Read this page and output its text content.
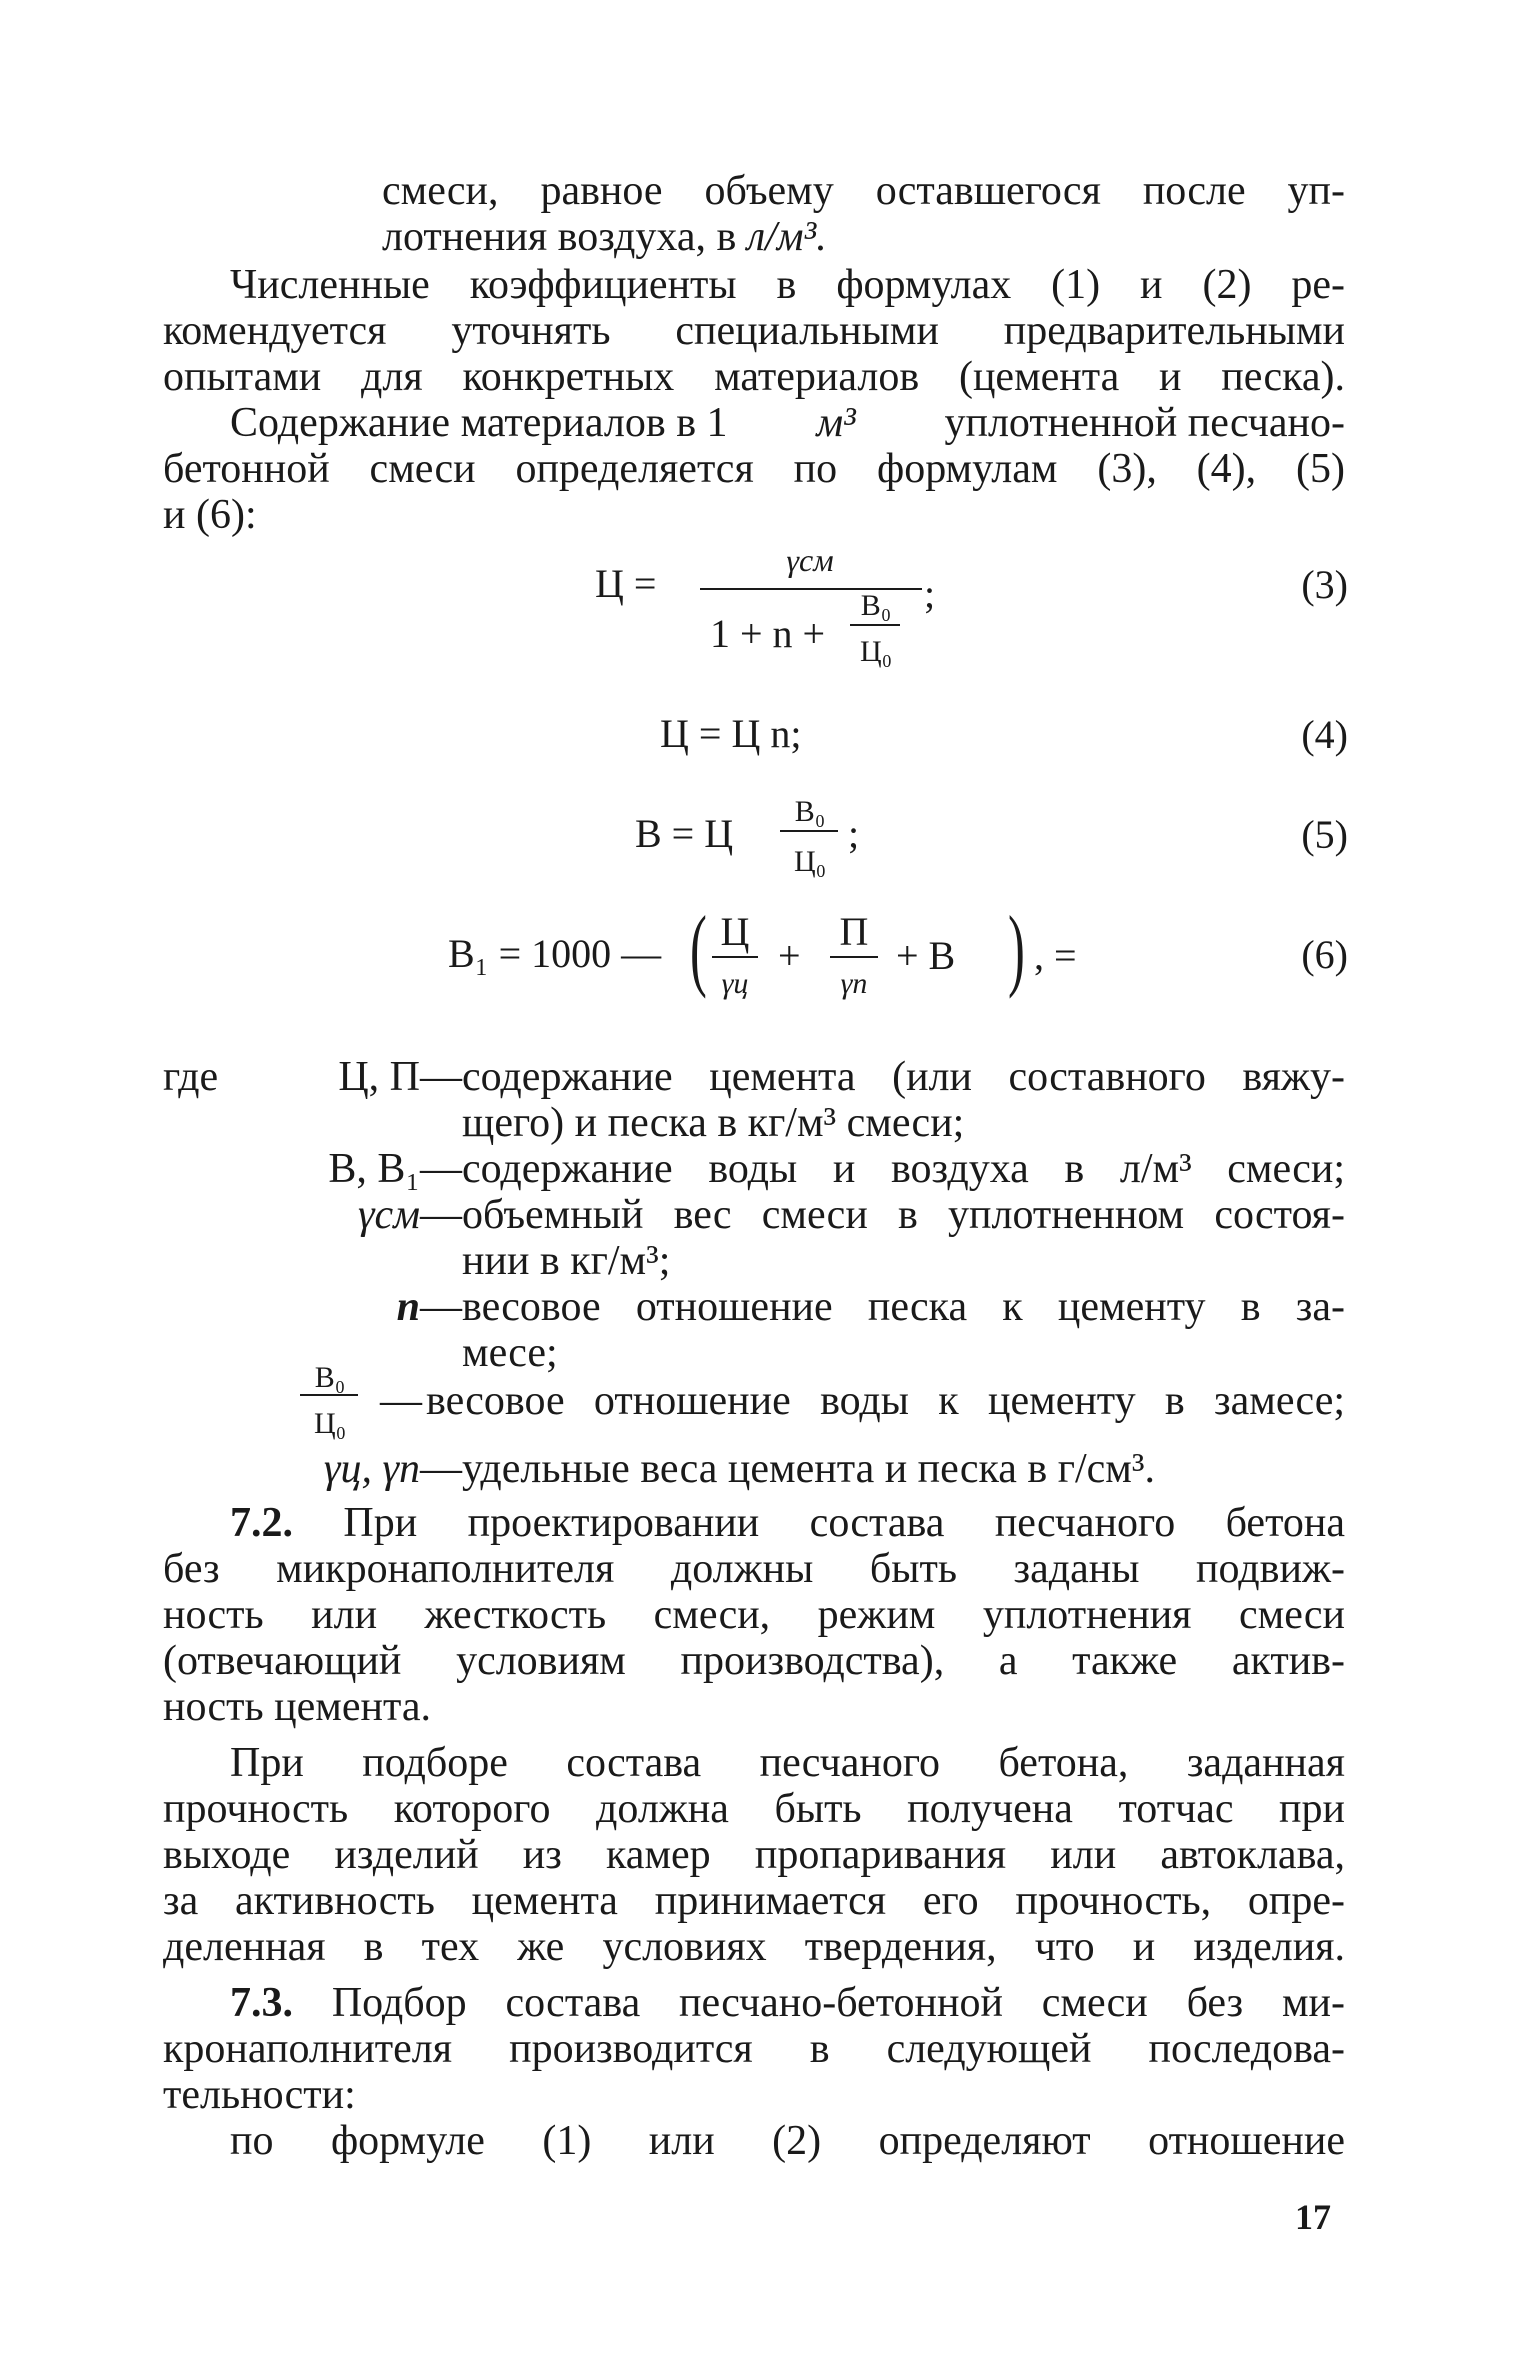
смеси, равное объему оставшегося после уп-
лотнения воздуха, в л/м³.
Численные коэффициенты в формулах (1) и (2) ре-
комендуется уточнять специальными предварительными
опытами для конкретных материалов (цемента и песка).
Содержание материалов в 1 м³ уплотненной песчано-
бетонной смеси определяется по формулам (3), (4), (5)
и (6):
Ц =
γсм
1 + n +
В₀
Ц₀
;	(3)
Ц = Ц n;	(4)
В = Ц	В₀
Ц₀
;	(5)
В₁ = 1000 — ( Ц
γц
+
П
γп
+ В ) , =	(6)
где	Ц, П — содержание цемента (или составного вяжу-
щего) и песка в кг/м³ смеси;
В, В₁ — содержание воды и воздуха в л/м³ смеси;
γсм — объемный вес смеси в уплотненном состоя-
нии в кг/м³;
n — весовое отношение песка к цементу в за-
месе;
В₀
Ц₀ — весовое отношение воды к цементу в замесе;
γц, γп — удельные веса цемента и песка в г/см³.
7.2. При проектировании состава песчаного бетона
без микронаполнителя должны быть заданы подвиж-
ность или жесткость смеси, режим уплотнения смеси
(отвечающий условиям производства), а также актив-
ность цемента.
При подборе состава песчаного бетона, заданная
прочность которого должна быть получена тотчас при
выходе изделий из камер пропаривания или автоклава,
за активность цемента принимается его прочность, опре-
деленная в тех же условиях твердения, что и изделия.
7.3. Подбор состава песчано-бетонной смеси без ми-
кронаполнителя производится в следующей последова-
тельности:
по формуле (1) или (2) определяют отношение
17
